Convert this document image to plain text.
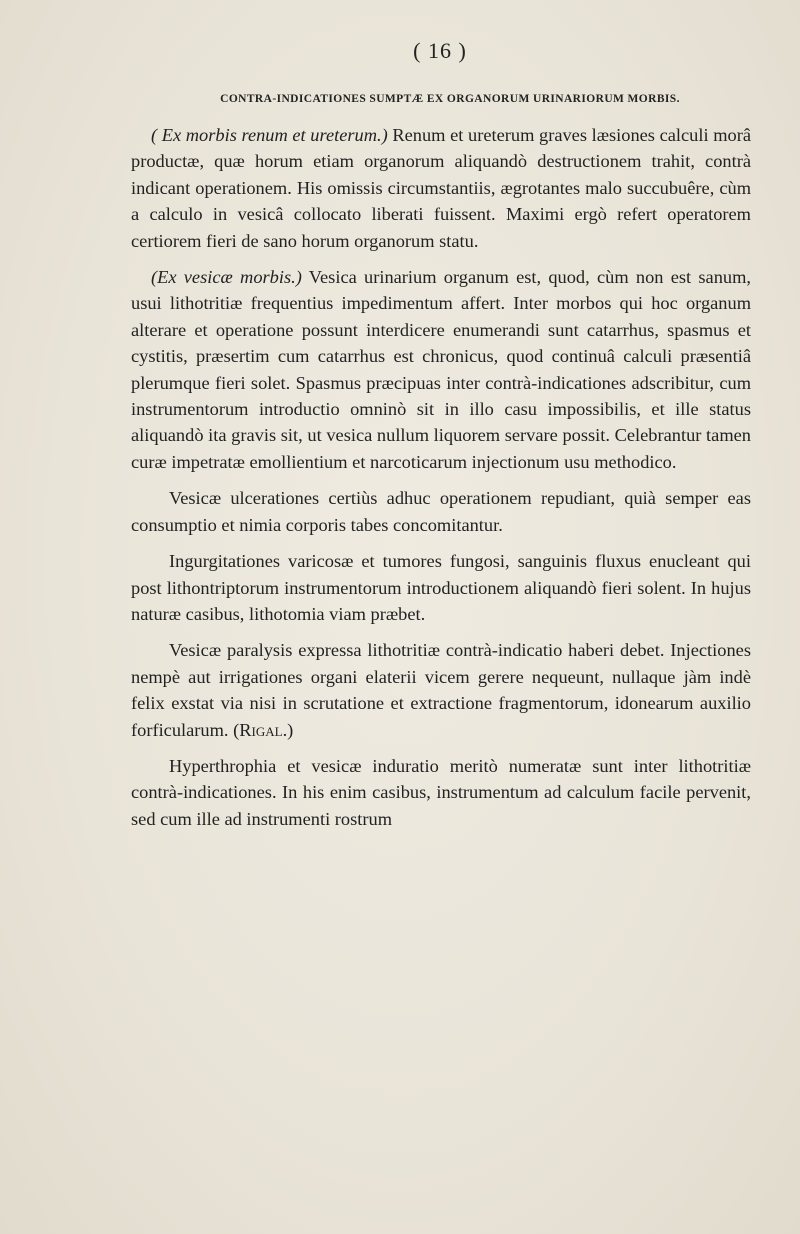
( 16 )
CONTRA-INDICATIONES SUMPTÆ EX ORGANORUM URINARIORUM MORBIS.

( Ex morbis renum et ureterum.) Renum et ureterum graves læsiones calculi morâ productæ, quæ horum etiam organorum aliquandò destructionem trahit, contrà indicant operationem. His omissis circumstantiis, ægrotantes malo succubuêre, cùm a calculo in vesicâ collocato liberati fuissent. Maximi ergò refert operatorem certiorem fieri de sano horum organorum statu.

(Ex vesicæ morbis.) Vesica urinarium organum est, quod, cùm non est sanum, usui lithotritiæ frequentius impedimentum affert. Inter morbos qui hoc organum alterare et operatione possunt interdicere enumerandi sunt catarrhus, spasmus et cystitis, præsertim cum catarrhus est chronicus, quod continuâ calculi præsentiâ plerumque fieri solet. Spasmus præcipuas inter contrà-indicationes adscribitur, cum instrumentorum introductio omninò sit in illo casu impossibilis, et ille status aliquandò ita gravis sit, ut vesica nullum liquorem servare possit. Celebrantur tamen curæ impetratæ emollientium et narcoticarum injectionum usu methodico.

Vesicæ ulcerationes certiùs adhuc operationem repudiant, quià semper eas consumptio et nimia corporis tabes concomitantur.

Ingurgitationes varicosæ et tumores fungosi, sanguinis fluxus enucleant qui post lithontriptorum instrumentorum introductionem aliquandò fieri solent. In hujus naturæ casibus, lithotomia viam præbet.

Vesicæ paralysis expressa lithotritiæ contrà-indicatio haberi debet. Injectiones nempè aut irrigationes organi elaterii vicem gerere nequeunt, nullaque jàm indè felix exstat via nisi in scrutatione et extractione fragmentorum, idonearum auxilio forficularum. (Rigal.)

Hyperthrophia et vesicæ induratio meritò numeratæ sunt inter lithotritiæ contrà-indicationes. In his enim casibus, instrumentum ad calculum facile pervenit, sed cum ille ad instrumenti rostrum
